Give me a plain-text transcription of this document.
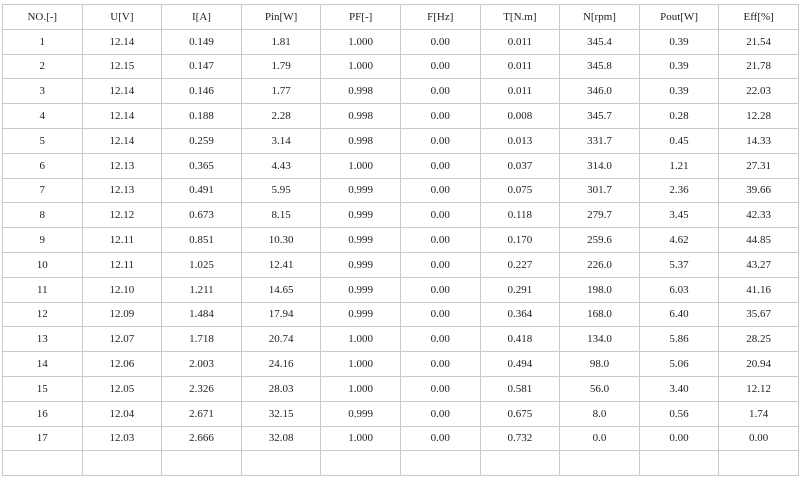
NO.[-]	U[V]	I[A]	Pin[W]	PF[-]	F[Hz]	T[N.m]	N[rpm]	Pout[W]	Eff[%]
1	12.14	0.149	1.81	1.000	0.00	0.011	345.4	0.39	21.54
2	12.15	0.147	1.79	1.000	0.00	0.011	345.8	0.39	21.78
3	12.14	0.146	1.77	0.998	0.00	0.011	346.0	0.39	22.03
4	12.14	0.188	2.28	0.998	0.00	0.008	345.7	0.28	12.28
5	12.14	0.259	3.14	0.998	0.00	0.013	331.7	0.45	14.33
6	12.13	0.365	4.43	1.000	0.00	0.037	314.0	1.21	27.31
7	12.13	0.491	5.95	0.999	0.00	0.075	301.7	2.36	39.66
8	12.12	0.673	8.15	0.999	0.00	0.118	279.7	3.45	42.33
9	12.11	0.851	10.30	0.999	0.00	0.170	259.6	4.62	44.85
10	12.11	1.025	12.41	0.999	0.00	0.227	226.0	5.37	43.27
11	12.10	1.211	14.65	0.999	0.00	0.291	198.0	6.03	41.16
12	12.09	1.484	17.94	0.999	0.00	0.364	168.0	6.40	35.67
13	12.07	1.718	20.74	1.000	0.00	0.418	134.0	5.86	28.25
14	12.06	2.003	24.16	1.000	0.00	0.494	98.0	5.06	20.94
15	12.05	2.326	28.03	1.000	0.00	0.581	56.0	3.40	12.12
16	12.04	2.671	32.15	0.999	0.00	0.675	8.0	0.56	1.74
17	12.03	2.666	32.08	1.000	0.00	0.732	0.0	0.00	0.00
